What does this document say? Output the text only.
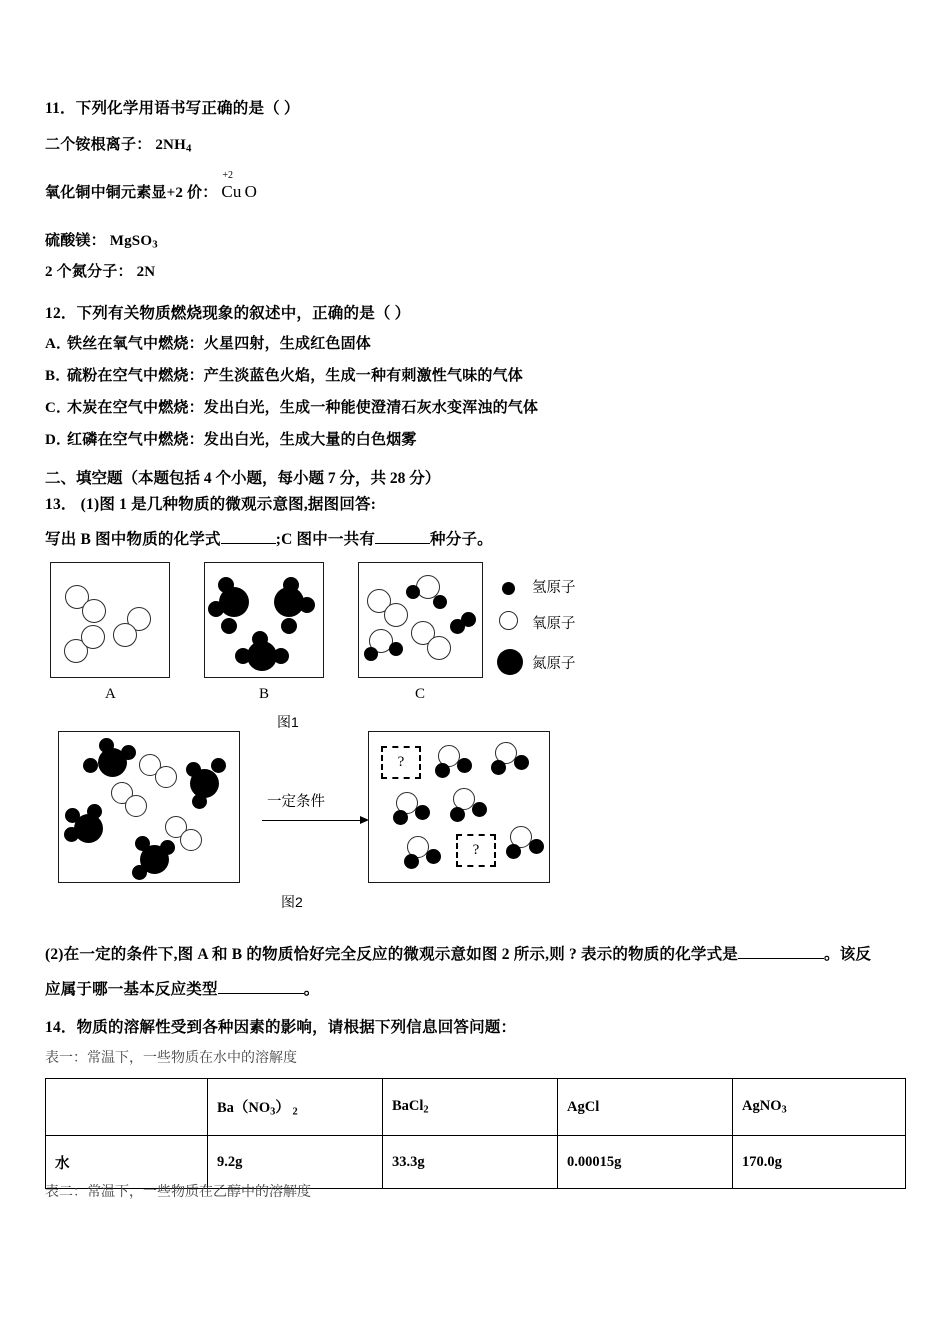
11．下列化学用语书写正确的是（ ）
二个铵根离子： $2NH_4$
氧化铜中铜元素显+2 价：
+2
Cu O
硫酸镁： MgSO$_3$
2 个氮分子： 2N
12．下列有关物质燃烧现象的叙述中，正确的是（ ）
A．
铁丝在氧气中燃烧：火星四射，生成红色固体
B．
硫粉在空气中燃烧：产生淡蓝色火焰，生成一种有刺激性气味的气体
C．
木炭在空气中燃烧：发出白光，生成一种能使澄清石灰水变浑浊的气体
D．
红磷在空气中燃烧：发出白光，生成大量的白色烟雾
二、填空题（本题包括 4 个小题，每小题 7 分，共 28 分）
13． (1)图 1 是几种物质的微观示意图,据图回答:
写出 B 图中物质的化学式	;C 图中一共有	种分子。
A	B	C
氢原子
氧原子
氮原子
图1
一定条件
?
?
图2
(2)在一定的条件下,图 A 和 B 的物质恰好完全反应的微观示意如图 2 所示,则 ? 表示的物质的化学式是	。该反
应属于哪一基本反应类型	。
14．物质的溶解性受到各种因素的影响，请根据下列信息回答问题：
表一：常温下，一些物质在水中的溶解度
	$Ba(NO_3)$ $_2$	BaCl$_2$	AgCl	AgNO$_3$
水	9.2g	33.3g	0.00015g	170.0g
表二：常温下，一些物质在乙醇中的溶解度
